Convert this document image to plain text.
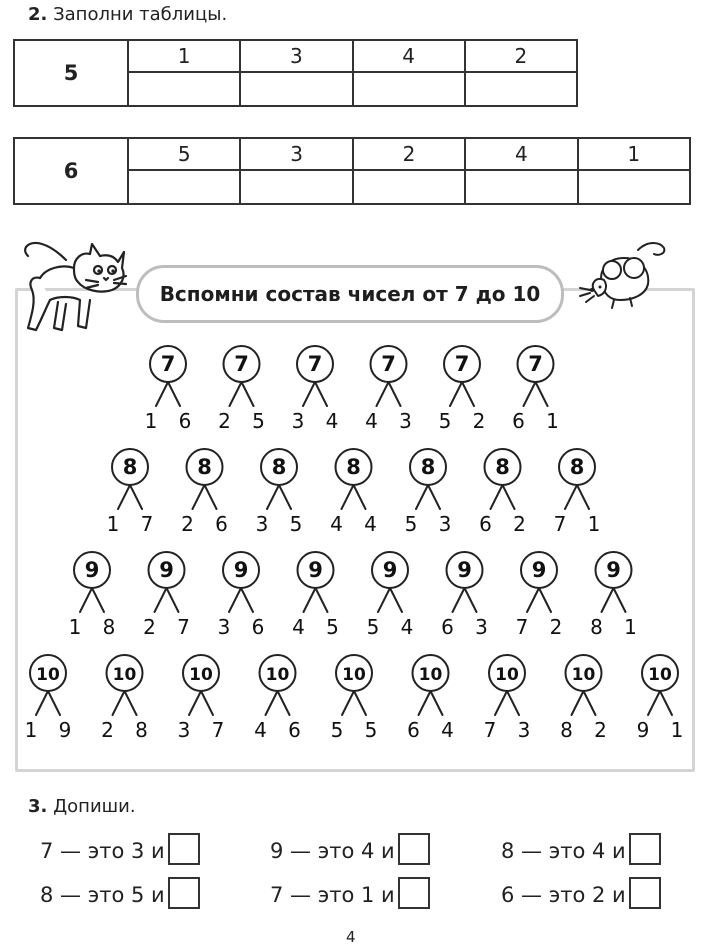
2. Заполни таблицы.
5	1	3	4	2

6	5	3	2	4	1

Вспомни состав чисел от 7 до 10
7
1 6
7
2 5
7
3 4
7
4 3
7
5 2
7
6 1
8
1 7
8
2 6
8
3 5
8
4 4
8
5 3
8
6 2
8
7 1
9
1 8
9
2 7
9
3 6
9
4 5
9
5 4
9
6 3
9
7 2
9
8 1
10
1 9
10
2 8
10
3 7
10
4 6
10
5 5
10
6 4
10
7 3
10
8 2
10
9 1
3. Допиши.
7 — это 3 и	9 — это 4 и	8 — это 4 и
8 — это 5 и	7 — это 1 и	6 — это 2 и
4
